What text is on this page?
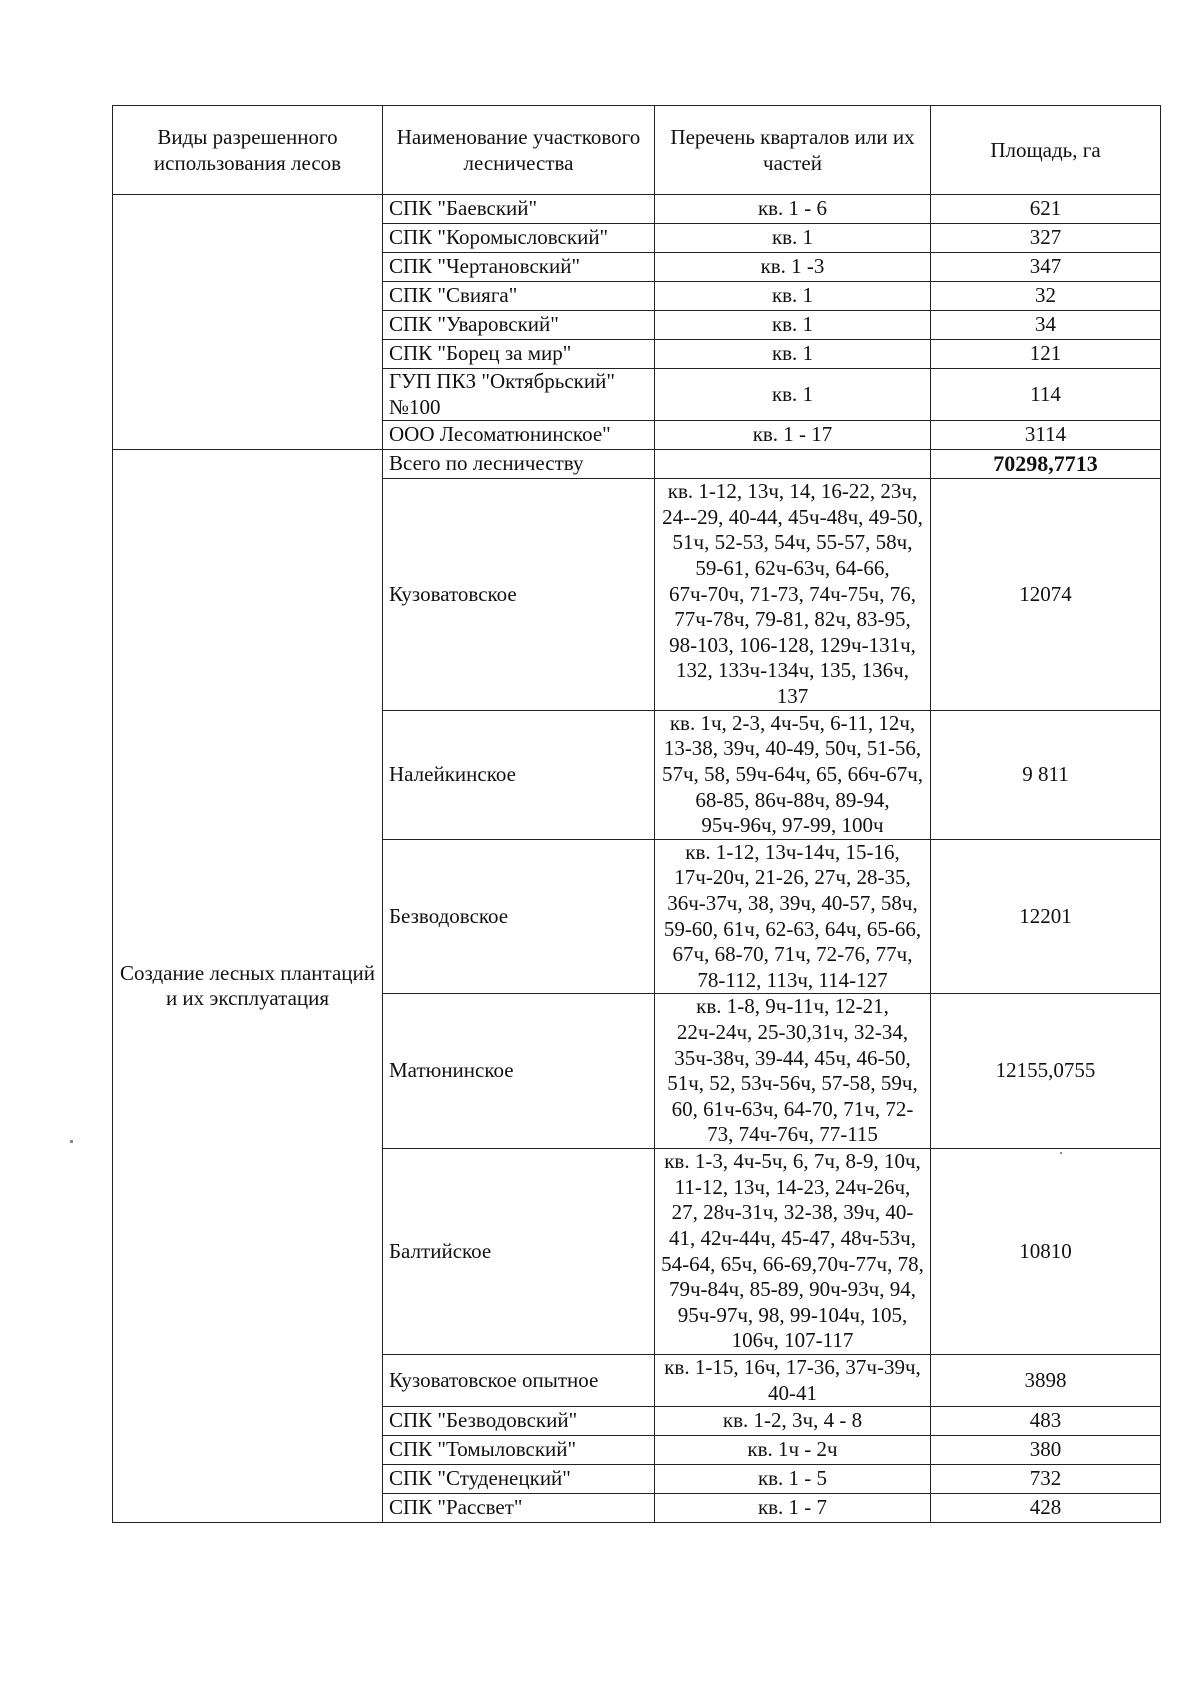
Виды разрешенного использования лесов	Наименование участкового лесничества	Перечень кварталов или их частей	Площадь, га
	СПК "Баевский"	кв. 1 - 6	621
	СПК "Коромысловский"	кв. 1	327
	СПК "Чертановский"	кв. 1 -3	347
	СПК "Свияга"	кв. 1	32
	СПК "Уваровский"	кв. 1	34
	СПК "Борец за мир"	кв. 1	121
	ГУП ПКЗ "Октябрьский" №100	кв. 1	114
	ООО Лесоматюнинское"	кв. 1 - 17	3114
Создание лесных плантаций и их эксплуатация	Всего по лесничеству		70298,7713
	Кузоватовское	кв. 1-12, 13ч, 14, 16-22, 23ч, 24--29, 40-44, 45ч-48ч, 49-50, 51ч, 52-53, 54ч, 55-57, 58ч, 59-61, 62ч-63ч, 64-66, 67ч-70ч, 71-73, 74ч-75ч, 76, 77ч-78ч, 79-81, 82ч, 83-95, 98-103, 106-128, 129ч-131ч, 132, 133ч-134ч, 135, 136ч, 137	12074
	Налейкинское	кв. 1ч, 2-3, 4ч-5ч, 6-11, 12ч, 13-38, 39ч, 40-49, 50ч, 51-56, 57ч, 58, 59ч-64ч, 65, 66ч-67ч, 68-85, 86ч-88ч, 89-94, 95ч-96ч, 97-99, 100ч	9 811
	Безводовское	кв. 1-12, 13ч-14ч, 15-16, 17ч-20ч, 21-26, 27ч, 28-35, 36ч-37ч, 38, 39ч, 40-57, 58ч, 59-60, 61ч, 62-63, 64ч, 65-66, 67ч, 68-70, 71ч, 72-76, 77ч, 78-112, 113ч, 114-127	12201
	Матюнинское	кв. 1-8, 9ч-11ч, 12-21, 22ч-24ч, 25-30,31ч, 32-34, 35ч-38ч, 39-44, 45ч, 46-50, 51ч, 52, 53ч-56ч, 57-58, 59ч, 60, 61ч-63ч, 64-70, 71ч, 72-73, 74ч-76ч, 77-115	12155,0755
	Балтийское	кв. 1-3, 4ч-5ч, 6, 7ч, 8-9, 10ч, 11-12, 13ч, 14-23, 24ч-26ч, 27, 28ч-31ч, 32-38, 39ч, 40-41, 42ч-44ч, 45-47, 48ч-53ч, 54-64, 65ч, 66-69,70ч-77ч, 78, 79ч-84ч, 85-89, 90ч-93ч, 94, 95ч-97ч, 98, 99-104ч, 105, 106ч, 107-117	10810
	Кузоватовское опытное	кв. 1-15, 16ч, 17-36, 37ч-39ч, 40-41	3898
	СПК "Безводовский"	кв. 1-2, 3ч, 4 - 8	483
	СПК "Томыловский"	кв. 1ч - 2ч	380
	СПК "Студенецкий"	кв. 1 - 5	732
	СПК "Рассвет"	кв. 1 - 7	428
